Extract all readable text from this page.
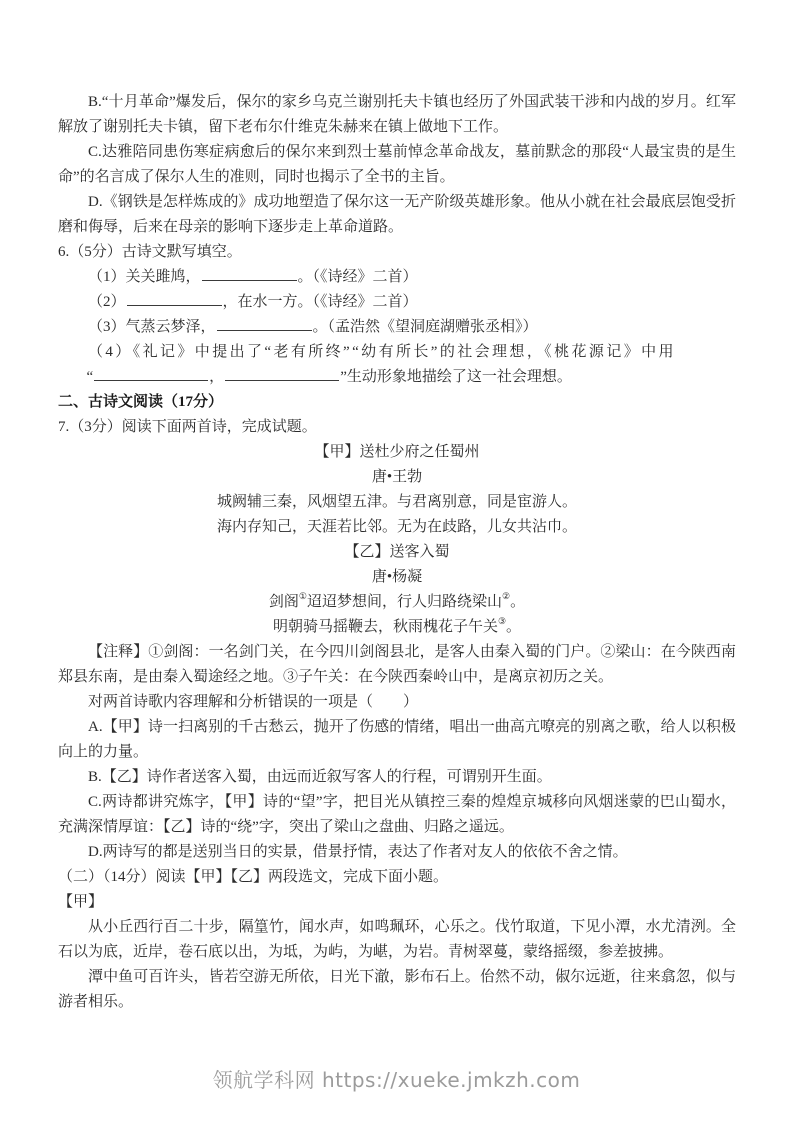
B.“十月革命”爆发后，保尔的家乡乌克兰谢别托夫卡镇也经历了外国武装干涉和内战的岁月。红军解放了谢别托夫卡镇，留下老布尔什维克朱赫来在镇上做地下工作。

C.达雅陪同患伤寒症病愈后的保尔来到烈士墓前悼念革命战友，墓前默念的那段“人最宝贵的是生命”的名言成了保尔人生的准则，同时也揭示了全书的主旨。

D.《钢铁是怎样炼成的》成功地塑造了保尔这一无产阶级英雄形象。他从小就在社会最底层饱受折磨和侮辱，后来在母亲的影响下逐步走上革命道路。

6.（5分）古诗文默写填空。

（1）关关雎鸠，	。（《诗经》二首）

（2）	，在水一方。（《诗经》二首）

（3）气蒸云梦泽，	。（孟浩然《望洞庭湖赠张丞相》）

（4）《礼记》中提出了“老有所终”“幼有所长”的社会理想，《桃花源记》中用

“	，	”生动形象地描绘了这一社会理想。

二、古诗文阅读（17分）

7.（3分）阅读下面两首诗，完成试题。

【甲】送杜少府之任蜀州

唐•王勃

城阙辅三秦，风烟望五津。与君离别意，同是宦游人。

海内存知己，天涯若比邻。无为在歧路，儿女共沾巾。

【乙】送客入蜀

唐•杨凝

剑阁①迢迢梦想间，行人归路绕梁山②。

明朝骑马摇鞭去，秋雨槐花子午关③。

【注释】①剑阁：一名剑门关，在今四川剑阁县北，是客人由秦入蜀的门户。②梁山：在今陕西南郑县东南，是由秦入蜀途经之地。③子午关：在今陕西秦岭山中，是离京初历之关。

对两首诗歌内容理解和分析错误的一项是（　　）

A.【甲】诗一扫离别的千古愁云，抛开了伤感的情绪，唱出一曲高亢嘹亮的别离之歌，给人以积极向上的力量。

B.【乙】诗作者送客入蜀，由远而近叙写客人的行程，可谓别开生面。

C.两诗都讲究炼字，【甲】诗的“望”字，把目光从镇控三秦的煌煌京城移向风烟迷蒙的巴山蜀水，充满深情厚谊：【乙】诗的“绕”字，突出了梁山之盘曲、归路之遥远。

D.两诗写的都是送别当日的实景，借景抒情，表达了作者对友人的依依不舍之情。

（二）（14分）阅读【甲】【乙】两段选文，完成下面小题。

【甲】

从小丘西行百二十步，隔篁竹，闻水声，如鸣珮环，心乐之。伐竹取道，下见小潭，水尤清洌。全石以为底，近岸，卷石底以出，为坻，为屿，为嵁，为岩。青树翠蔓，蒙络摇缀，参差披拂。

潭中鱼可百许头，皆若空游无所依，日光下澈，影布石上。佁然不动，俶尔远逝，往来翕忽，似与游者相乐。

领航学科网 https://xueke.jmkzh.com
